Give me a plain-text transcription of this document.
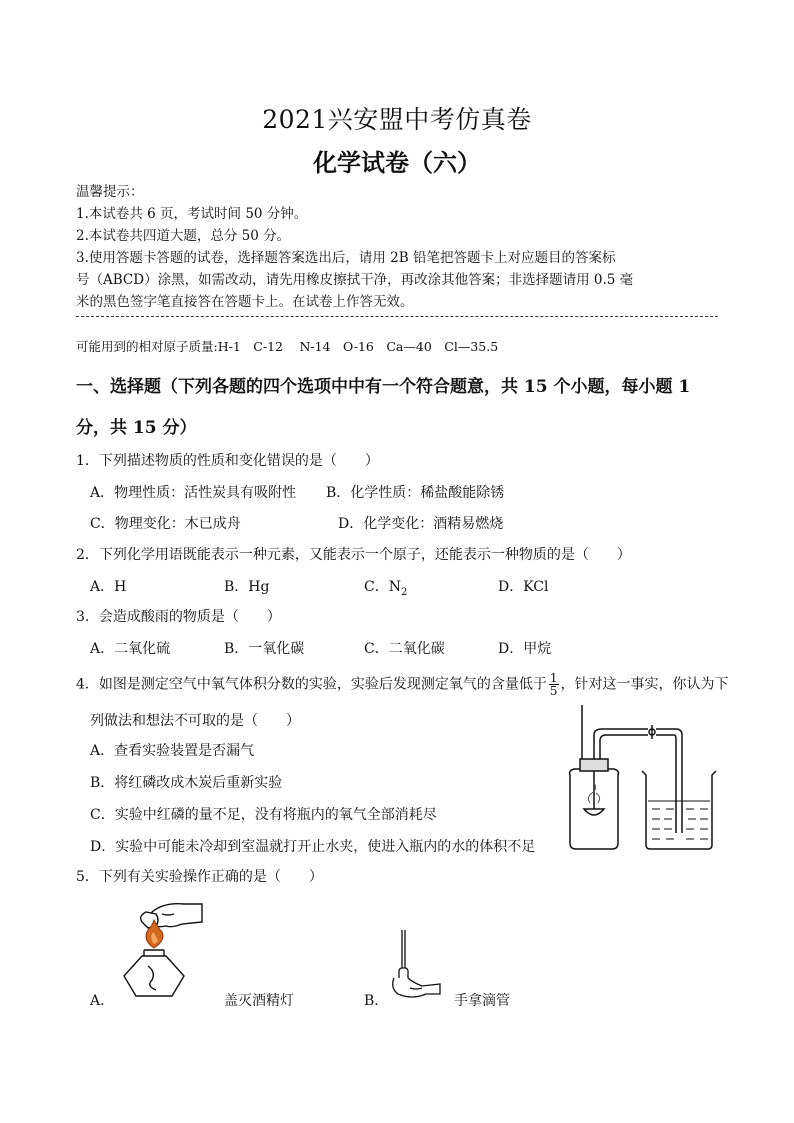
2021兴安盟中考仿真卷
化学试卷（六）
温馨提示：
1.本试卷共 6 页，考试时间 50 分钟。
2.本试卷共四道大题，总分 50 分。
3.使用答题卡答题的试卷，选择题答案选出后，请用 2B 铅笔把答题卡上对应题目的答案标
号（ABCD）涂黑，如需改动，请先用橡皮擦拭干净，再改涂其他答案；非选择题请用 0.5 毫
米的黑色签字笔直接答在答题卡上。在试卷上作答无效。
可能用到的相对原子质量:H-1　C-12　 N-14　O-16　Ca—40　Cl—35.5
一、选择题（下列各题的四个选项中中有一个符合题意，共 15 个小题，每小题 1
分，共 15 分）
1．下列描述物质的性质和变化错误的是（　　）
A．物理性质：活性炭具有吸附性 B．化学性质：稀盐酸能除锈
C．物理变化：木已成舟	D．化学变化：酒精易燃烧
2．下列化学用语既能表示一种元素，又能表示一个原子，还能表示一种物质的是（　　）
A．H	B．Hg	C．$N_2$	D．KCl
3．会造成酸雨的物质是（　　）
A．二氧化硫	B．一氧化碳	C．二氧化碳	D．甲烷
4．如图是测定空气中氧气体积分数的实验，实验后发现测定氧气的含量低于 $\frac{1}{5}$ ，针对这一事实，你认为下
列做法和想法不可取的是（　　）
A．查看实验装置是否漏气
B．将红磷改成木炭后重新实验
C．实验中红磷的量不足，没有将瓶内的氧气全部消耗尽
D．实验中可能未冷却到室温就打开止水夹，使进入瓶内的水的体积不足
5．下列有关实验操作正确的是（　　）
A．	盖灭酒精灯	B．	手拿滴管
